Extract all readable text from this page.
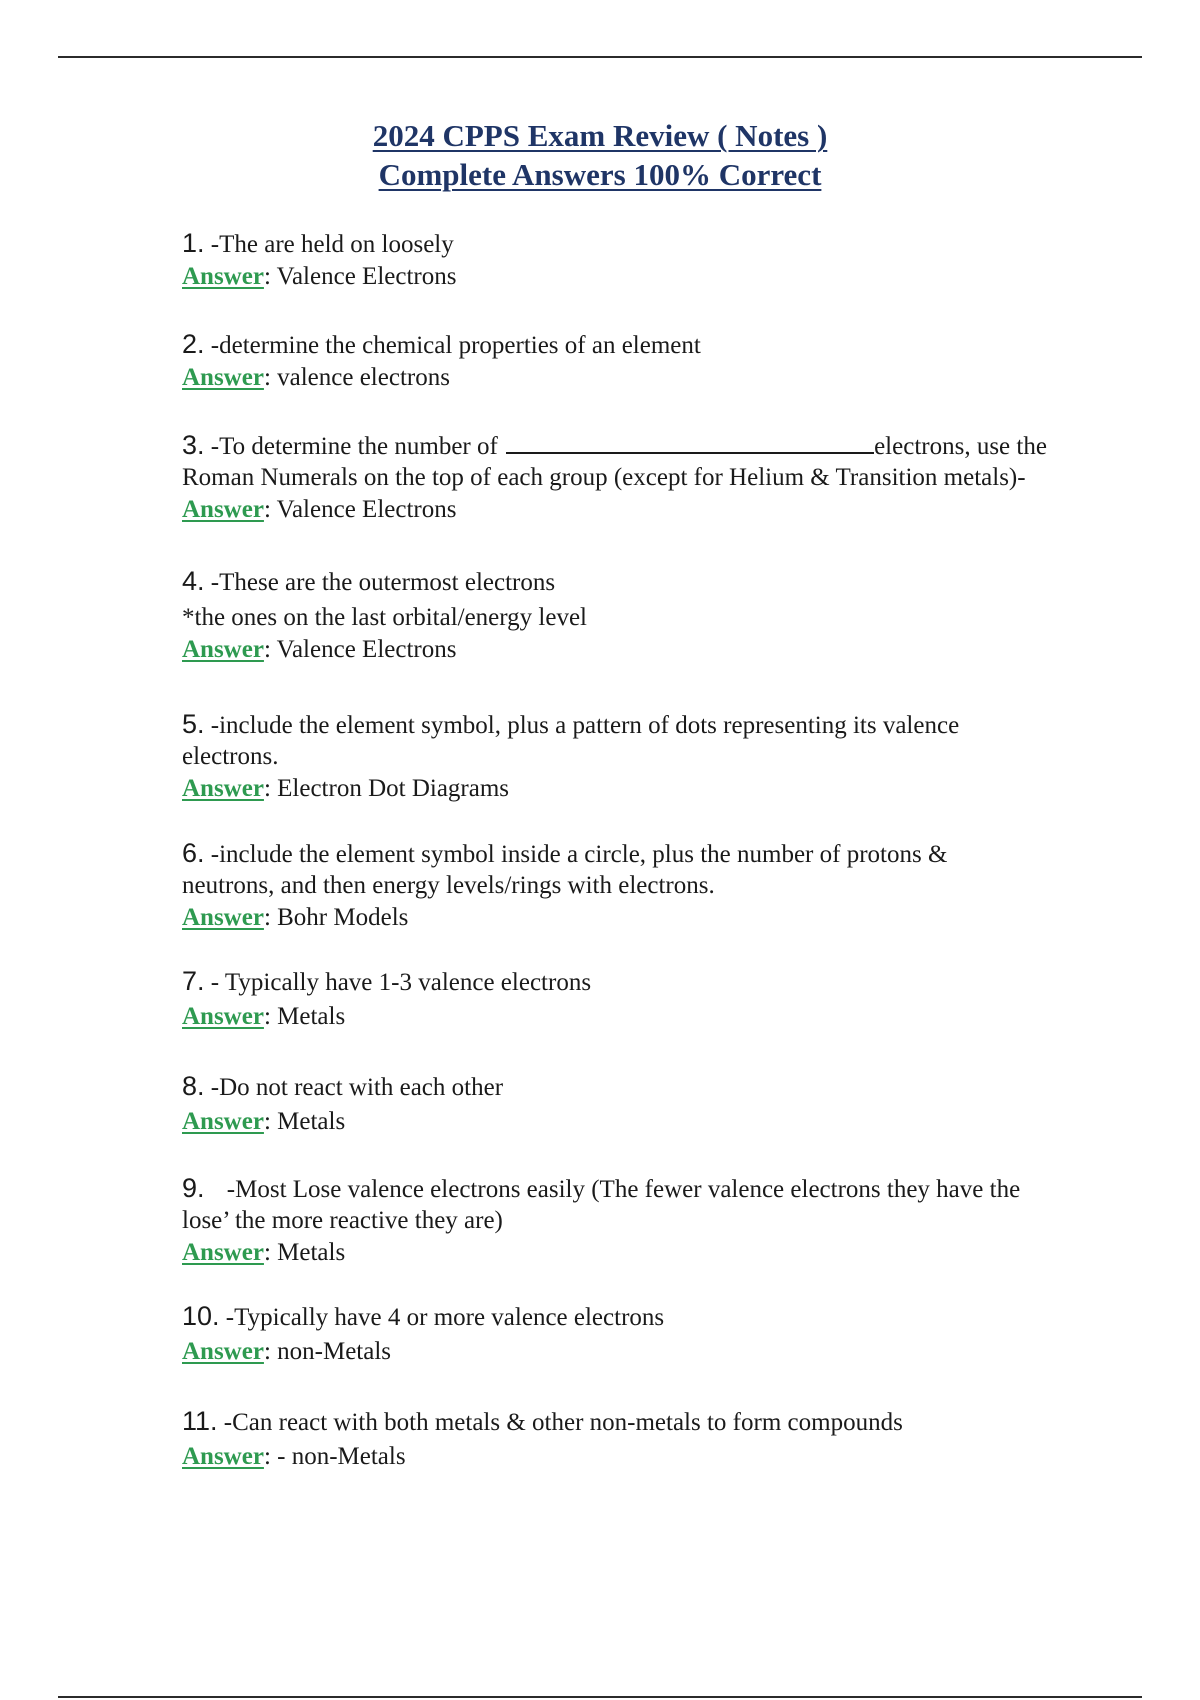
2024 CPPS Exam Review ( Notes )
Complete Answers 100% Correct
1. -The are held on loosely
Answer: Valence Electrons
2. -determine the chemical properties of an element
Answer: valence electrons
3. -To determine the number of	electrons, use the
Roman Numerals on the top of each group (except for Helium & Transition metals)-
Answer: Valence Electrons
4. -These are the outermost electrons
*the ones on the last orbital/energy level
Answer: Valence Electrons
5. -include the element symbol, plus a pattern of dots representing its valence
electrons.
Answer: Electron Dot Diagrams
6. -include the element symbol inside a circle, plus the number of protons &
neutrons, and then energy levels/rings with electrons.
Answer: Bohr Models
7. - Typically have 1-3 valence electrons
Answer: Metals
8. -Do not react with each other
Answer: Metals
9. -Most Lose valence electrons easily (The fewer valence electrons they have the
lose’ the more reactive they are)
Answer: Metals
10. -Typically have 4 or more valence electrons
Answer: non-Metals
11. -Can react with both metals & other non-metals to form compounds
Answer: - non-Metals
